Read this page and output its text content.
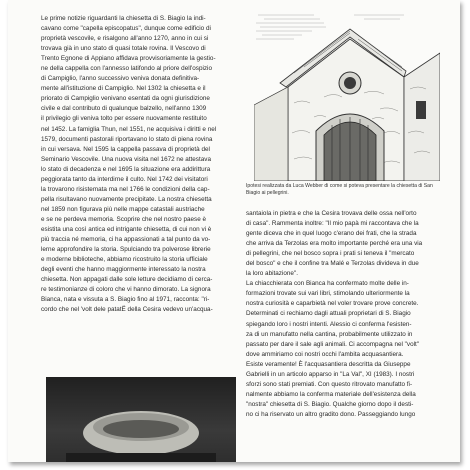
Le prime notizie riguardanti la chiesetta di S. Biagio la indi-

cavano come "capella episcopatus", dunque come edificio di

proprietà vescovile, e risalgono all'anno 1270, anno in cui si

trovava già in uno stato di quasi totale rovina. Il Vescovo di

Trento Egnone di Appiano affidava provvisoriamente la gestio-

ne della cappella con l'annesso latifondo al priore dell'ospizio

di Campiglio, l'anno successivo veniva donata definitiva-

mente all'istituzione di Campiglio. Nel 1302 la chiesetta e il

priorato di Campiglio venivano esentati da ogni giurisdizione

civile e dal contributo di qualunque balzello, nell'anno 1309

il privilegio gli veniva tolto per essere nuovamente restituito

nel 1452. La famiglia Thun, nel 1551, ne acquisiva i diritti e nel

1579, documenti pastorali riportavano lo stato di piena rovina

in cui versava. Nel 1595 la cappella passava di proprietà del

Seminario Vescovile. Una nuova visita nel 1672 ne attestava

lo stato di decadenza e nel 1695 la situazione era addirittura

peggiorata tanto da interdirne il culto. Nel 1742 dei visitatori

la trovarono risistemata ma nel 1766 le condizioni della cap-

pella risultavano nuovamente precipitate. La nostra chiesetta

nel 1859 non figurava più nelle mappe catastali austriache

e se ne perdeva memoria. Scoprire che nel nostro paese è

esistita una così antica ed intrigante chiesetta, di cui non vi è

più traccia né memoria, ci ha appassionati a tal punto da vo-

lerne approfondire la storia. Spulciando tra polverose librerie

e moderne biblioteche, abbiamo ricostruito la storia ufficiale

degli eventi che hanno maggiormente interessato la nostra

chiesetta. Non appagati dalle sole letture decidiamo di cerca-

re testimonianze di coloro che vi hanno dimorato. La signora

Bianca, nata e vissuta a S. Biagio fino al 1971, racconta: "ri-

cordo che nel 'volt dele patatË della Cesira vedevo un'acqua-

Ipotesi realizzata da Luca Webber di come si poteva presentare la chiesetta di San Biagio ai pellegrini.

santaiola in pietra e che la Cesira trovava delle ossa nell'orto

di casa". Rammenta inoltre: "Il mio papà mi raccontava che la

gente diceva che in quel luogo c'erano dei frati, che la strada

che arriva da Terzolas era molto importante perché era una via

di pellegrini, che nel bosco sopra i prati si teneva il "mercato

del bosco" e che il confine tra Malé e Terzolas divideva in due

la loro abitazione".

La chiacchierata con Bianca ha confermato molte delle in-

formazioni trovate sui vari libri, stimolando ulteriormente la

nostra curiosità e caparbietà nel voler trovare prove concrete.

Determinati ci rechiamo dagli attuali proprietari di S. Biagio

spiegando loro i nostri intenti. Alessio ci conferma l'esisten-

za di un manufatto nella cantina, probabilmente utilizzato in

passato per dare il sale agli animali. Ci accompagna nel "volt"

dove ammiriamo coi nostri occhi l'ambita acquasantiera.

Esiste veramente! È l'acquasantiera descritta da Giuseppe

Gabrielli in un articolo apparso in "La Val", XI (1983). I nostri

sforzi sono stati premiati. Con questo ritrovato manufatto fi-

nalmente abbiamo la conferma materiale dell'esistenza della

"nostra" chiesetta di S. Biagio. Qualche giorno dopo il desti-

no ci ha riservato un altro gradito dono. Passeggiando lungo
